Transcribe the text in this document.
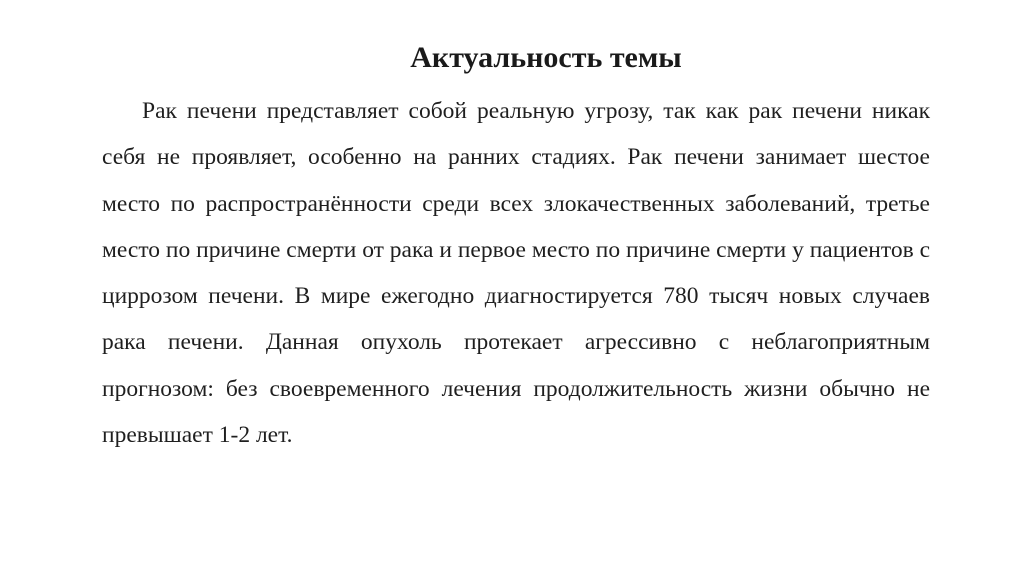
Актуальность темы

Рак печени представляет собой реальную угрозу, так как рак печени никак себя не проявляет, особенно на ранних стадиях. Рак печени занимает шестое место по распространённости среди всех злокачественных заболеваний, третье место по причине смерти от рака и первое место по причине смерти у пациентов с циррозом печени. В мире ежегодно диагностируется 780 тысяч новых случаев рака печени. Данная опухоль протекает агрессивно с неблагоприятным прогнозом: без своевременного лечения продолжительность жизни обычно не превышает 1-2 лет.
